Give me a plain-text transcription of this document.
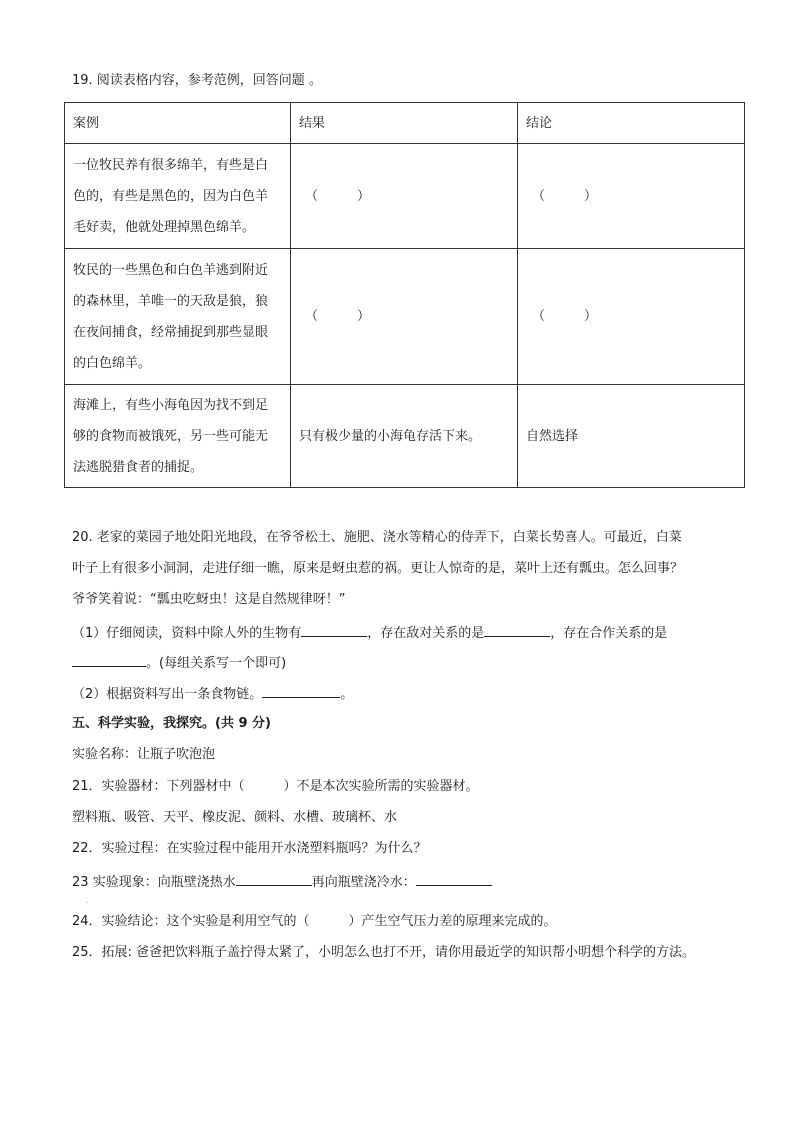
19. 阅读表格内容，参考范例，回答问题 。
案例	结果	结论

一位牧民养有很多绵羊，有些是白
色的，有些是黑色的，因为白色羊
毛好卖，他就处理掉黑色绵羊。	（　　　）	（　　　）

牧民的一些黑色和白色羊逃到附近
的森林里，羊唯一的天敌是狼，狼
在夜间捕食，经常捕捉到那些显眼
的白色绵羊。	（　　　）	（　　　）

海滩上，有些小海龟因为找不到足
够的食物而被饿死，另一些可能无
法逃脱猎食者的捕捉。	只有极少量的小海龟存活下来。	自然选择
20. 老家的菜园子地处阳光地段，在爷爷松土、施肥、浇水等精心的侍弄下，白菜长势喜人。可最近，白菜
叶子上有很多小洞洞，走进仔细一瞧，原来是蚜虫惹的祸。更让人惊奇的是，菜叶上还有瓢虫。怎么回事？
爷爷笑着说：“瓢虫吃蚜虫！这是自然规律呀！”
（1）仔细阅读，资料中除人外的生物有	，存在敌对关系的是	，存在合作关系的是
。(每组关系写一个即可)
（2）根据资料写出一条食物链。	。
五、科学实验，我探究。(共 9 分)
实验名称：让瓶子吹泡泡
21．实验器材：下列器材中（　　　）不是本次实验所需的实验器材。
塑料瓶、吸管、天平、橡皮泥、颜料、水槽、玻璃杯、水
22．实验过程：在实验过程中能用开水浇塑料瓶吗？为什么？
23 实验现象：向瓶壁浇热水	再向瓶壁浇冷水：
.
24．实验结论：这个实验是利用空气的（　　　）产生空气压力差的原理来完成的。
25．拓展: 爸爸把饮料瓶子盖拧得太紧了，小明怎么也打不开，请你用最近学的知识帮小明想个科学的方法。
